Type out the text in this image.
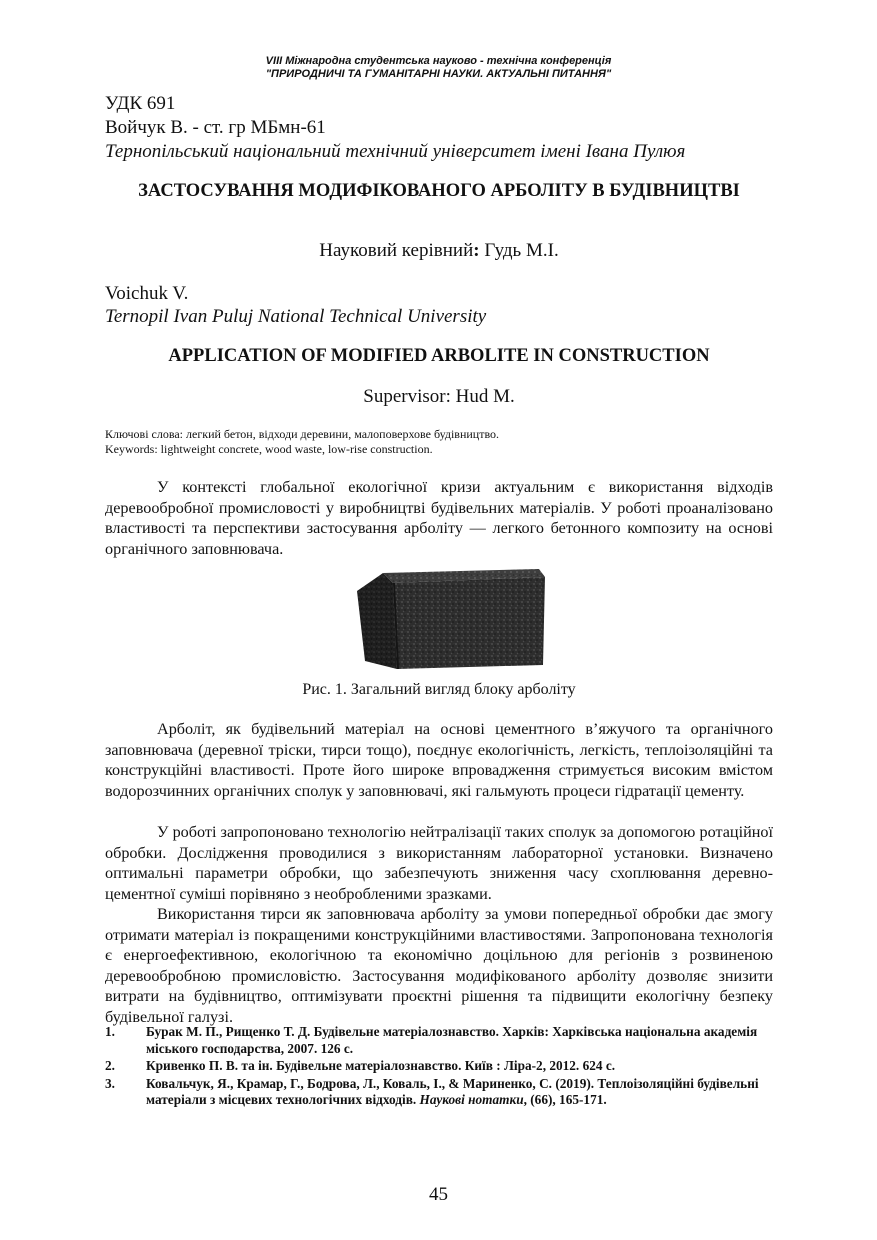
VIII Міжнародна студентська науково - технічна конференція
"ПРИРОДНИЧІ ТА ГУМАНІТАРНІ НАУКИ. АКТУАЛЬНІ ПИТАННЯ"
УДК 691
Войчук В. - ст. гр МБмн-61
Тернопільський національний технічний університет імені Івана Пулюя
ЗАСТОСУВАННЯ МОДИФІКОВАНОГО АРБОЛІТУ В БУДІВНИЦТВІ
Науковий керівний: Гудь М.І.
Voichuk V.
Ternopil Ivan Puluj National Technical University
APPLICATION OF MODIFIED ARBOLITE IN CONSTRUCTION
Supervisor: Hud M.
Ключові слова: легкий бетон, відходи деревини, малоповерхове будівництво.
Keywords: lightweight concrete, wood waste, low-rise construction.
У контексті глобальної екологічної кризи актуальним є використання відходів деревообробної промисловості у виробництві будівельних матеріалів. У роботі проаналізовано властивості та перспективи застосування арболіту — легкого бетонного композиту на основі органічного заповнювача.
Рис. 1. Загальний вигляд блоку арболіту
Арболіт, як будівельний матеріал на основі цементного в’яжучого та органічного заповнювача (деревної тріски, тирси тощо), поєднує екологічність, легкість, теплоізоляційні та конструкційні властивості. Проте його широке впровадження стримується високим вмістом водорозчинних органічних сполук у заповнювачі, які гальмують процеси гідратації цементу.
У роботі запропоновано технологію нейтралізації таких сполук за допомогою ротаційної обробки. Дослідження проводилися з використанням лабораторної установки. Визначено оптимальні параметри обробки, що забезпечують зниження часу схоплювання деревно-цементної суміші порівняно з необробленими зразками.
Використання тирси як заповнювача арболіту за умови попередньої обробки дає змогу отримати матеріал із покращеними конструкційними властивостями. Запропонована технологія є енергоефективною, екологічною та економічно доцільною для регіонів з розвиненою деревообробною промисловістю. Застосування модифікованого арболіту дозволяє знизити витрати на будівництво, оптимізувати проєктні рішення та підвищити екологічну безпеку будівельної галузі.
1. Бурак М. П., Рищенко Т. Д. Будівельне матеріалознавство. Харків: Харківська національна академія міського господарства, 2007. 126 с.
2. Кривенко П. В. та ін. Будівельне матеріалознавство. Київ : Ліра-2, 2012. 624 с.
3. Ковальчук, Я., Крамар, Г., Бодрова, Л., Коваль, І., & Мариненко, С. (2019). Теплоізоляційні будівельні матеріали з місцевих технологічних відходів. Наукові нотатки, (66), 165-171.
45
